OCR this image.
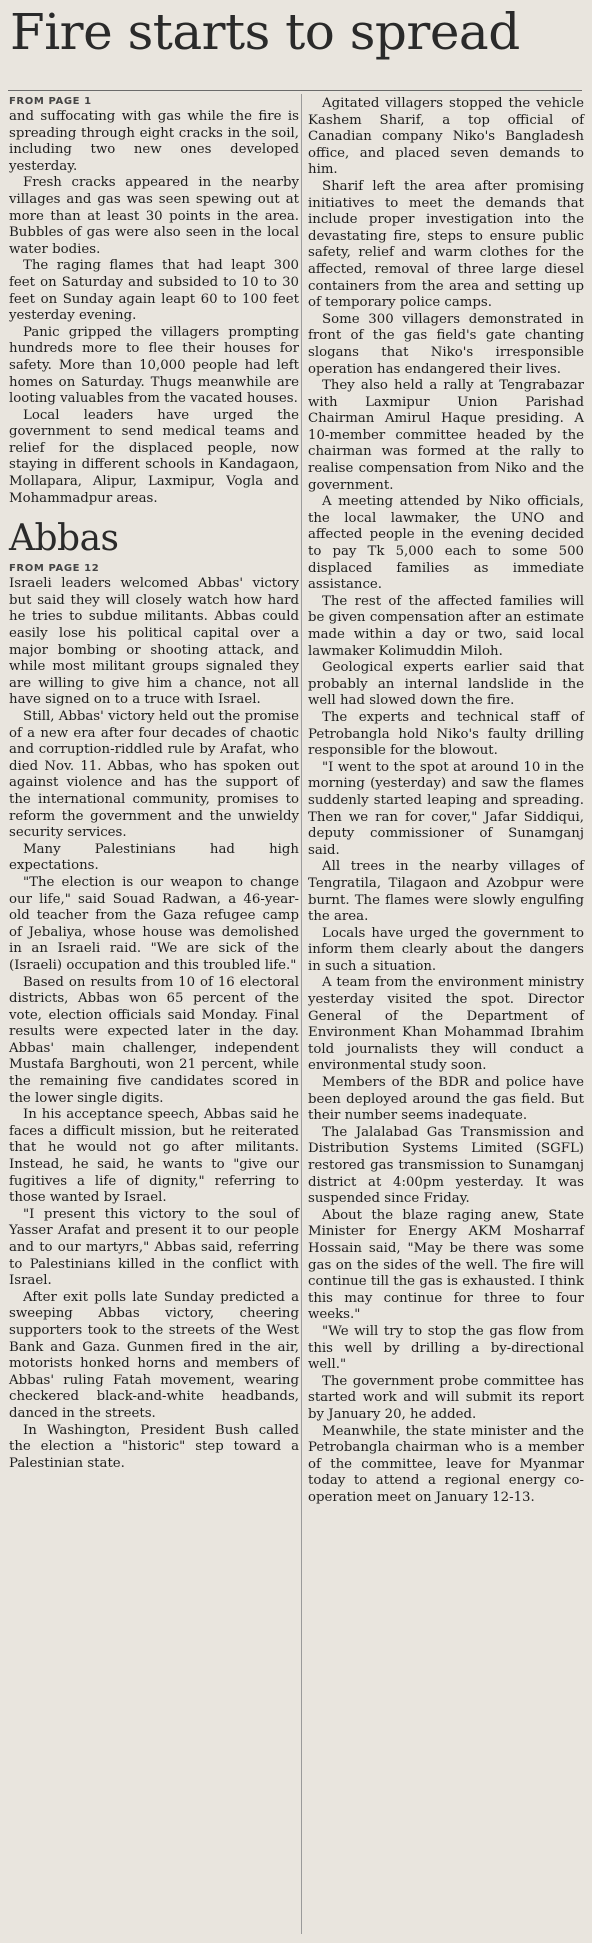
Fire starts to spread
FROM PAGE 1

and suffocating with gas while the fire is spreading through eight cracks in the soil, including two new ones developed yesterday.

Fresh cracks appeared in the nearby villages and gas was seen spewing out at more than at least 30 points in the area. Bubbles of gas were also seen in the local water bodies.

The raging flames that had leapt 300 feet on Saturday and subsided to 10 to 30 feet on Sunday again leapt 60 to 100 feet yesterday evening.

Panic gripped the villagers prompting hundreds more to flee their houses for safety. More than 10,000 people had left homes on Saturday. Thugs meanwhile are looting valuables from the vacated houses.

Local leaders have urged the government to send medical teams and relief for the displaced people, now staying in different schools in Kandagaon, Mollapara, Alipur, Laxmipur, Vogla and Mohammadpur areas.

Abbas
FROM PAGE 12

Israeli leaders welcomed Abbas' victory but said they will closely watch how hard he tries to subdue militants. Abbas could easily lose his political capital over a major bombing or shooting attack, and while most militant groups signaled they are willing to give him a chance, not all have signed on to a truce with Israel.

Still, Abbas' victory held out the promise of a new era after four decades of chaotic and corruption-riddled rule by Arafat, who died Nov. 11. Abbas, who has spoken out against violence and has the support of the international community, promises to reform the government and the unwieldy security services.

Many Palestinians had high expectations.

"The election is our weapon to change our life," said Souad Radwan, a 46-year-old teacher from the Gaza refugee camp of Jebaliya, whose house was demolished in an Israeli raid. "We are sick of the (Israeli) occupation and this troubled life."

Based on results from 10 of 16 electoral districts, Abbas won 65 percent of the vote, election officials said Monday. Final results were expected later in the day. Abbas' main challenger, independent Mustafa Barghouti, won 21 percent, while the remaining five candidates scored in the lower single digits.

In his acceptance speech, Abbas said he faces a difficult mission, but he reiterated that he would not go after militants. Instead, he said, he wants to "give our fugitives a life of dignity," referring to those wanted by Israel.

"I present this victory to the soul of Yasser Arafat and present it to our people and to our martyrs," Abbas said, referring to Palestinians killed in the conflict with Israel.

After exit polls late Sunday predicted a sweeping Abbas victory, cheering supporters took to the streets of the West Bank and Gaza. Gunmen fired in the air, motorists honked horns and members of Abbas' ruling Fatah movement, wearing checkered black-and-white headbands, danced in the streets.

In Washington, President Bush called the election a "historic" step toward a Palestinian state.

Agitated villagers stopped the vehicle Kashem Sharif, a top official of Canadian company Niko's Bangladesh office, and placed seven demands to him.

Sharif left the area after promising initiatives to meet the demands that include proper investigation into the devastating fire, steps to ensure public safety, relief and warm clothes for the affected, removal of three large diesel containers from the area and setting up of temporary police camps.

Some 300 villagers demonstrated in front of the gas field's gate chanting slogans that Niko's irresponsible operation has endangered their lives.

They also held a rally at Tengrabazar with Laxmipur Union Parishad Chairman Amirul Haque presiding. A 10-member committee headed by the chairman was formed at the rally to realise compensation from Niko and the government.

A meeting attended by Niko officials, the local lawmaker, the UNO and affected people in the evening decided to pay Tk 5,000 each to some 500 displaced families as immediate assistance.

The rest of the affected families will be given compensation after an estimate made within a day or two, said local lawmaker Kolimuddin Miloh.

Geological experts earlier said that probably an internal landslide in the well had slowed down the fire.

The experts and technical staff of Petrobangla hold Niko's faulty drilling responsible for the blowout.

"I went to the spot at around 10 in the morning (yesterday) and saw the flames suddenly started leaping and spreading. Then we ran for cover," Jafar Siddiqui, deputy commissioner of Sunamganj said.

All trees in the nearby villages of Tengratila, Tilagaon and Azobpur were burnt. The flames were slowly engulfing the area.

Locals have urged the government to inform them clearly about the dangers in such a situation.

A team from the environment ministry yesterday visited the spot. Director General of the Department of Environment Khan Mohammad Ibrahim told journalists they will conduct a environmental study soon.

Members of the BDR and police have been deployed around the gas field. But their number seems inadequate.

The Jalalabad Gas Transmission and Distribution Systems Limited (SGFL) restored gas transmission to Sunamganj district at 4:00pm yesterday. It was suspended since Friday.

About the blaze raging anew, State Minister for Energy AKM Mosharraf Hossain said, "May be there was some gas on the sides of the well. The fire will continue till the gas is exhausted. I think this may continue for three to four weeks."

"We will try to stop the gas flow from this well by drilling a by-directional well."

The government probe committee has started work and will submit its report by January 20, he added.

Meanwhile, the state minister and the Petrobangla chairman who is a member of the committee, leave for Myanmar today to attend a regional energy co-operation meet on January 12-13.
